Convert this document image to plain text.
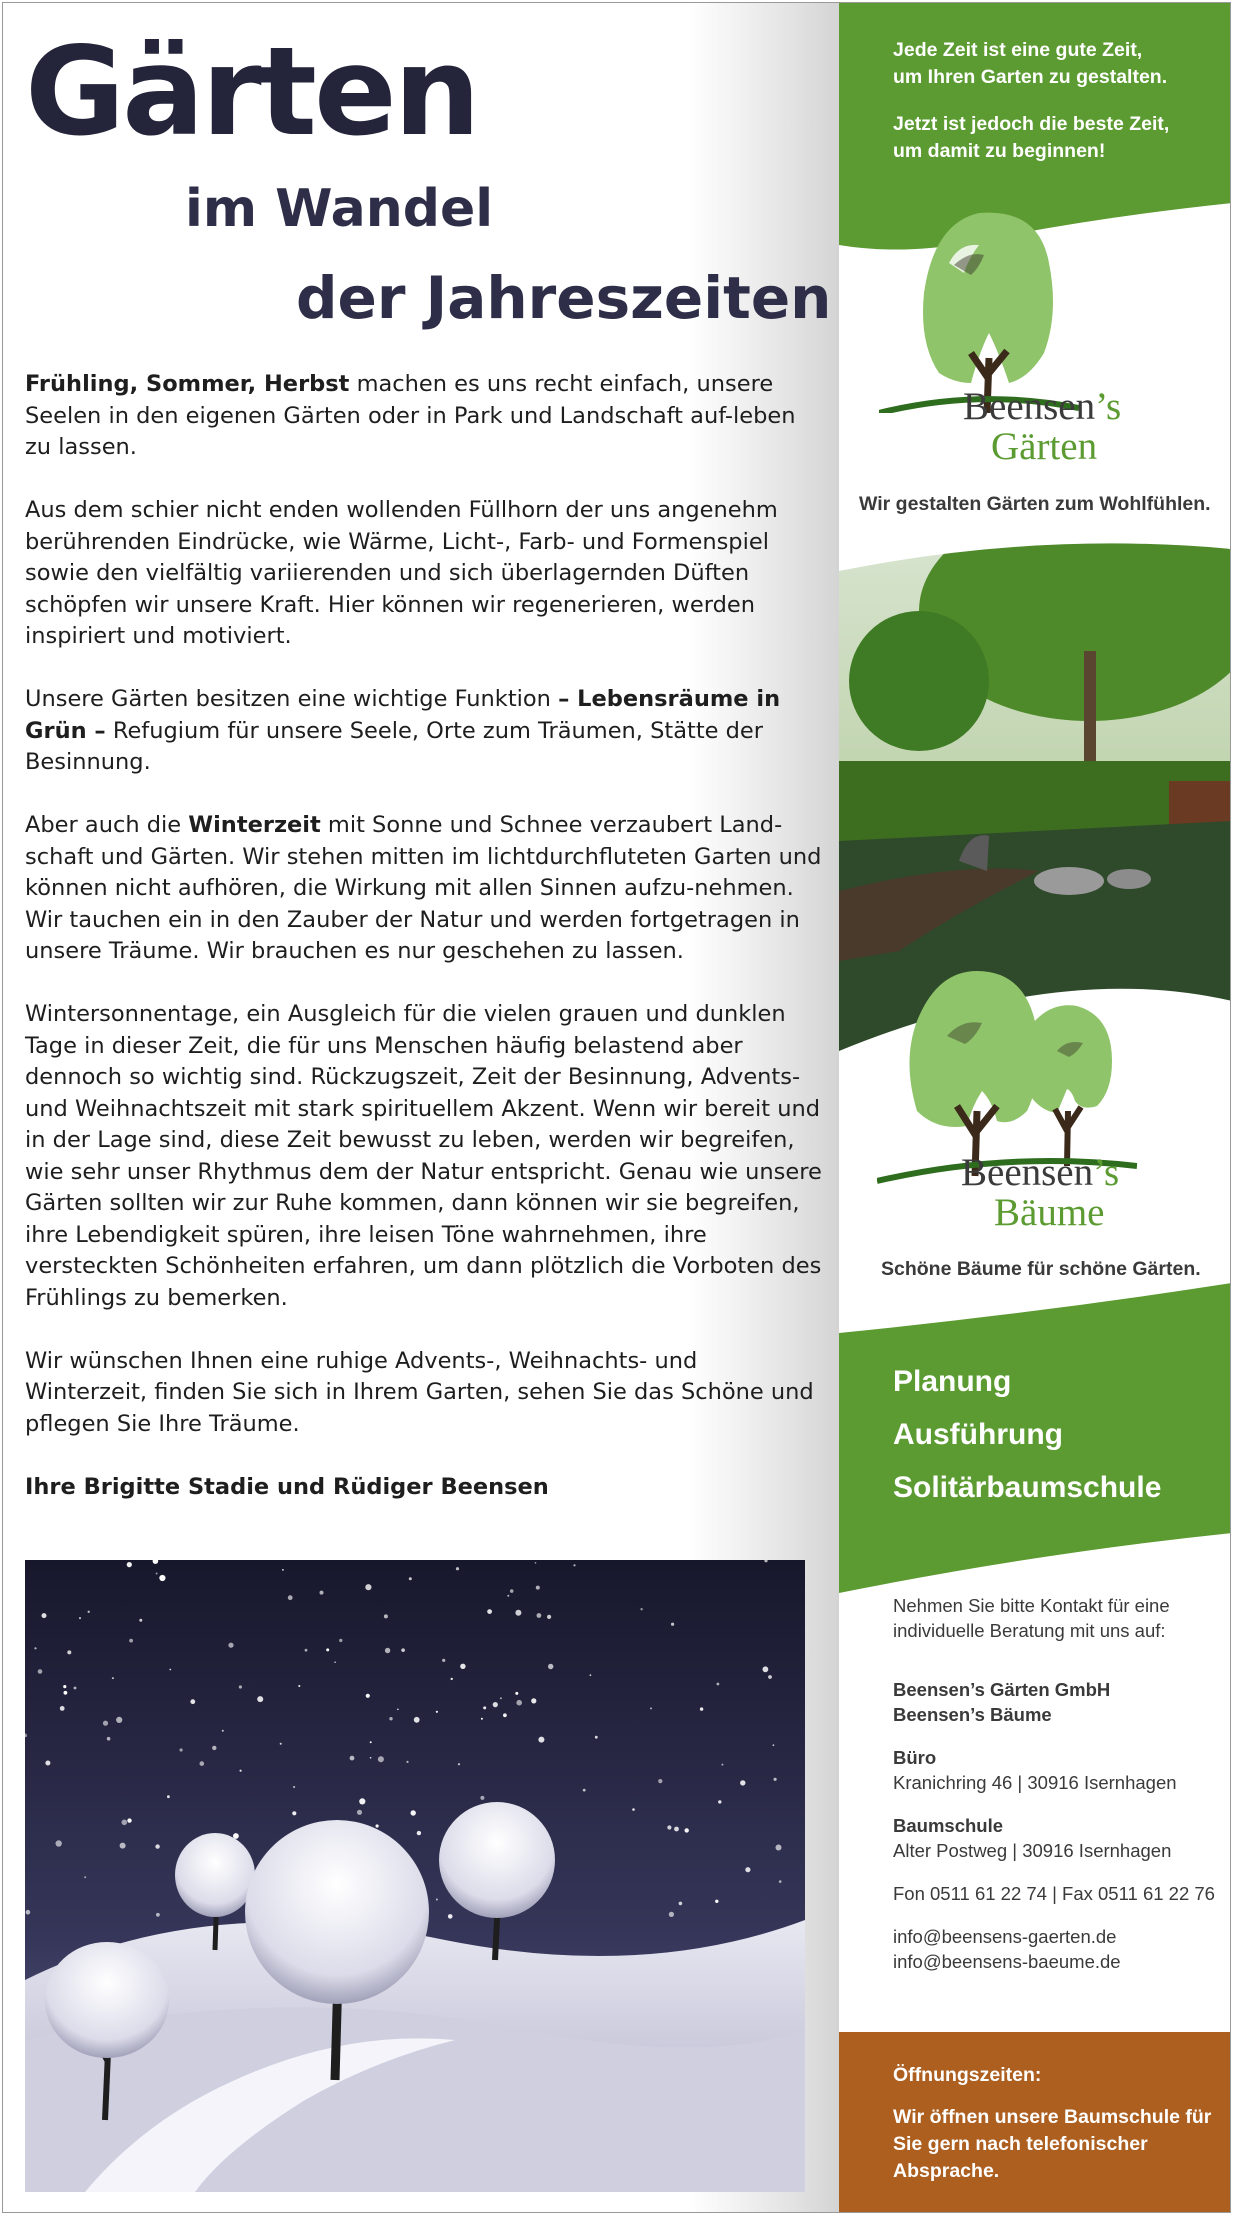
Gärten
im Wandel
der Jahreszeiten

Frühling, Sommer, Herbst machen es uns recht einfach, unsere Seelen in den eigenen Gärten oder in Park und Landschaft auf-leben zu lassen.

Aus dem schier nicht enden wollenden Füllhorn der uns angenehm berührenden Eindrücke, wie Wärme, Licht-, Farb- und Formenspiel sowie den vielfältig variierenden und sich überlagernden Düften schöpfen wir unsere Kraft. Hier können wir regenerieren, werden inspiriert und motiviert.

Unsere Gärten besitzen eine wichtige Funktion – Lebensräume in Grün – Refugium für unsere Seele, Orte zum Träumen, Stätte der Besinnung.

Aber auch die Winterzeit mit Sonne und Schnee verzaubert Land-schaft und Gärten. Wir stehen mitten im lichtdurchfluteten Garten und können nicht aufhören, die Wirkung mit allen Sinnen aufzu-nehmen. Wir tauchen ein in den Zauber der Natur und werden fortgetragen in unsere Träume. Wir brauchen es nur geschehen zu lassen.

Wintersonnentage, ein Ausgleich für die vielen grauen und dunklen Tage in dieser Zeit, die für uns Menschen häufig belastend aber dennoch so wichtig sind. Rückzugszeit, Zeit der Besinnung, Advents- und Weihnachtszeit mit stark spirituellem Akzent. Wenn wir bereit und in der Lage sind, diese Zeit bewusst zu leben, werden wir begreifen, wie sehr unser Rhythmus dem der Natur entspricht. Genau wie unsere Gärten sollten wir zur Ruhe kommen, dann können wir sie begreifen, ihre Lebendigkeit spüren, ihre leisen Töne wahrnehmen, ihre versteckten Schönheiten erfahren, um dann plötzlich die Vorboten des Frühlings zu bemerken.

Wir wünschen Ihnen eine ruhige Advents-, Weihnachts- und Winterzeit, finden Sie sich in Ihrem Garten, sehen Sie das Schöne und pflegen Sie Ihre Träume.

Ihre Brigitte Stadie und Rüdiger Beensen

Jede Zeit ist eine gute Zeit,
um Ihren Garten zu gestalten.
Jetzt ist jedoch die beste Zeit,
um damit zu beginnen!
Beensen’s
Gärten
Wir gestalten Gärten zum Wohlfühlen.
Beensen’s
Bäume
Schöne Bäume für schöne Gärten.
Planung
Ausführung
Solitärbaumschule
Nehmen Sie bitte Kontakt für eine individuelle Beratung mit uns auf:
Beensen’s Gärten GmbH
Beensen’s Bäume
Büro
Kranichring 46 | 30916 Isernhagen
Baumschule
Alter Postweg | 30916 Isernhagen
Fon 0511 61 22 74 | Fax 0511 61 22 76
info@beensens-gaerten.de
info@beensens-baeume.de
Öffnungszeiten:
Wir öffnen unsere Baumschule für Sie gern nach telefonischer Absprache.
